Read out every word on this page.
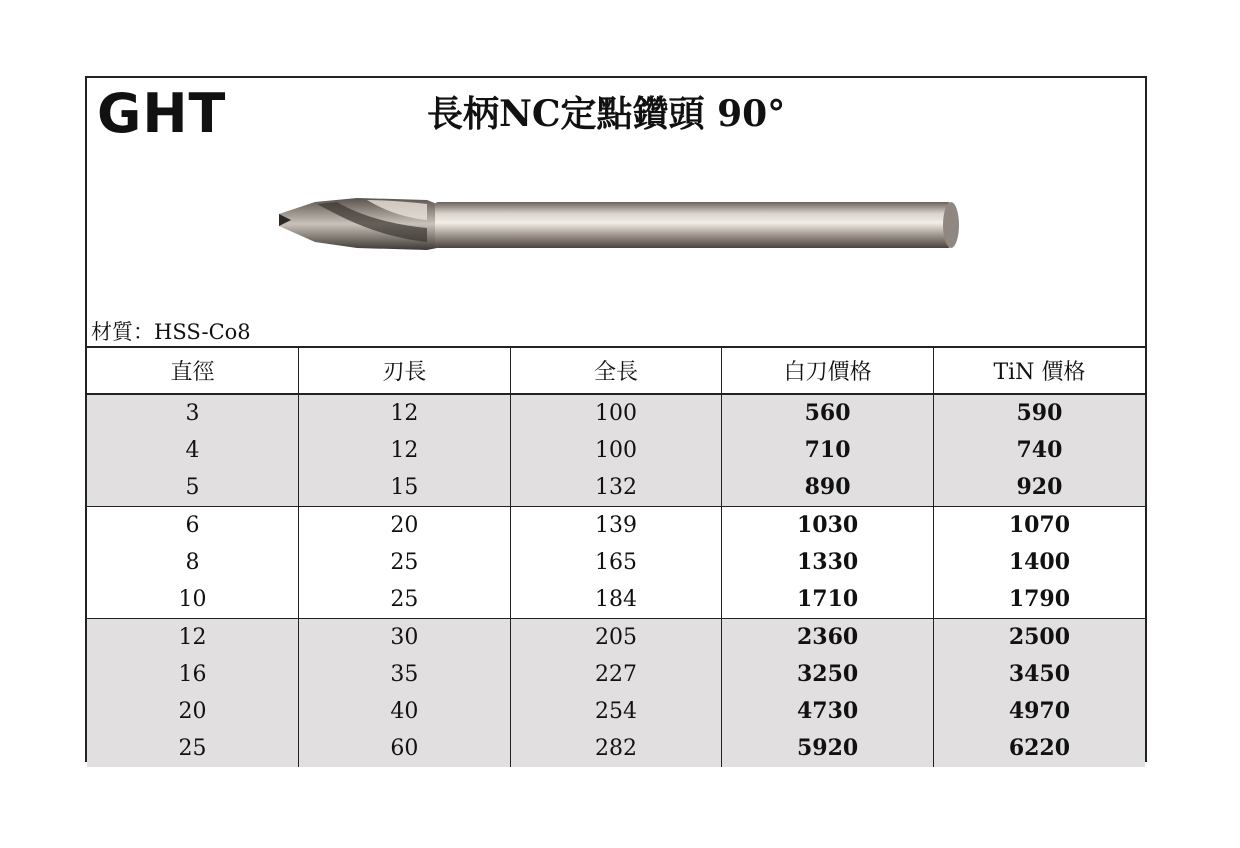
GHT	長柄NC定點鑽頭 90°
材質：HSS-Co8
直徑	刃長	全長	白刀價格	TiN 價格
3	12	100	560	590
4	12	100	710	740
5	15	132	890	920
6	20	139	1030	1070
8	25	165	1330	1400
10	25	184	1710	1790
12	30	205	2360	2500
16	35	227	3250	3450
20	40	254	4730	4970
25	60	282	5920	6220
